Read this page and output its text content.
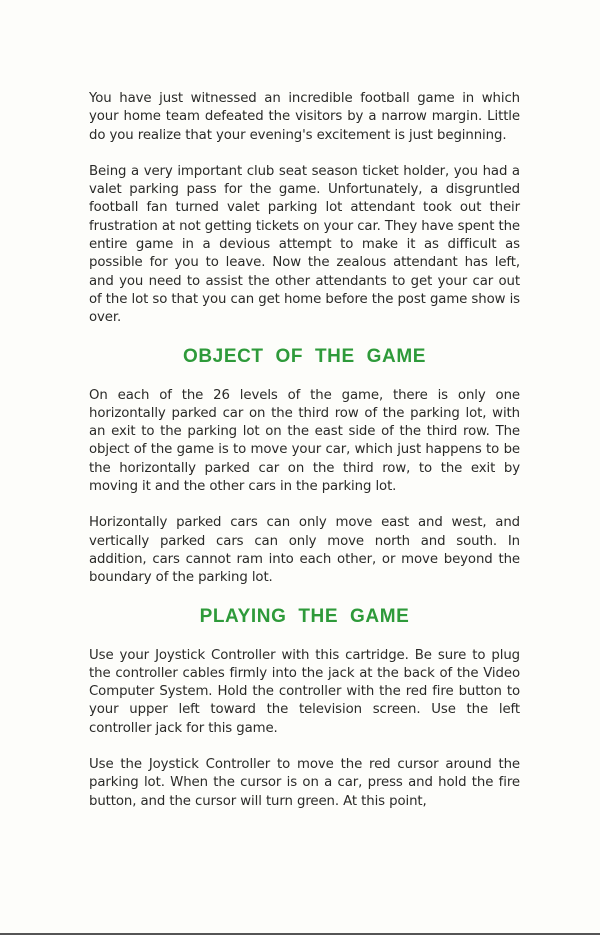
You have just witnessed an incredible football game in which your home team defeated the visitors by a narrow margin. Little do you realize that your evening's excitement is just beginning.

Being a very important club seat season ticket holder, you had a valet parking pass for the game. Unfortunately, a disgruntled football fan turned valet parking lot attendant took out their frustration at not getting tickets on your car. They have spent the entire game in a devious attempt to make it as difficult as possible for you to leave. Now the zealous attendant has left, and you need to assist the other attendants to get your car out of the lot so that you can get home before the post game show is over.

OBJECT OF THE GAME

On each of the 26 levels of the game, there is only one horizontally parked car on the third row of the parking lot, with an exit to the parking lot on the east side of the third row. The object of the game is to move your car, which just happens to be the horizontally parked car on the third row, to the exit by moving it and the other cars in the parking lot.

Horizontally parked cars can only move east and west, and vertically parked cars can only move north and south. In addition, cars cannot ram into each other, or move beyond the boundary of the parking lot.

PLAYING THE GAME

Use your Joystick Controller with this cartridge. Be sure to plug the controller cables firmly into the jack at the back of the Video Computer System. Hold the controller with the red fire button to your upper left toward the television screen. Use the left controller jack for this game.

Use the Joystick Controller to move the red cursor around the parking lot. When the cursor is on a car, press and hold the fire button, and the cursor will turn green. At this point,
